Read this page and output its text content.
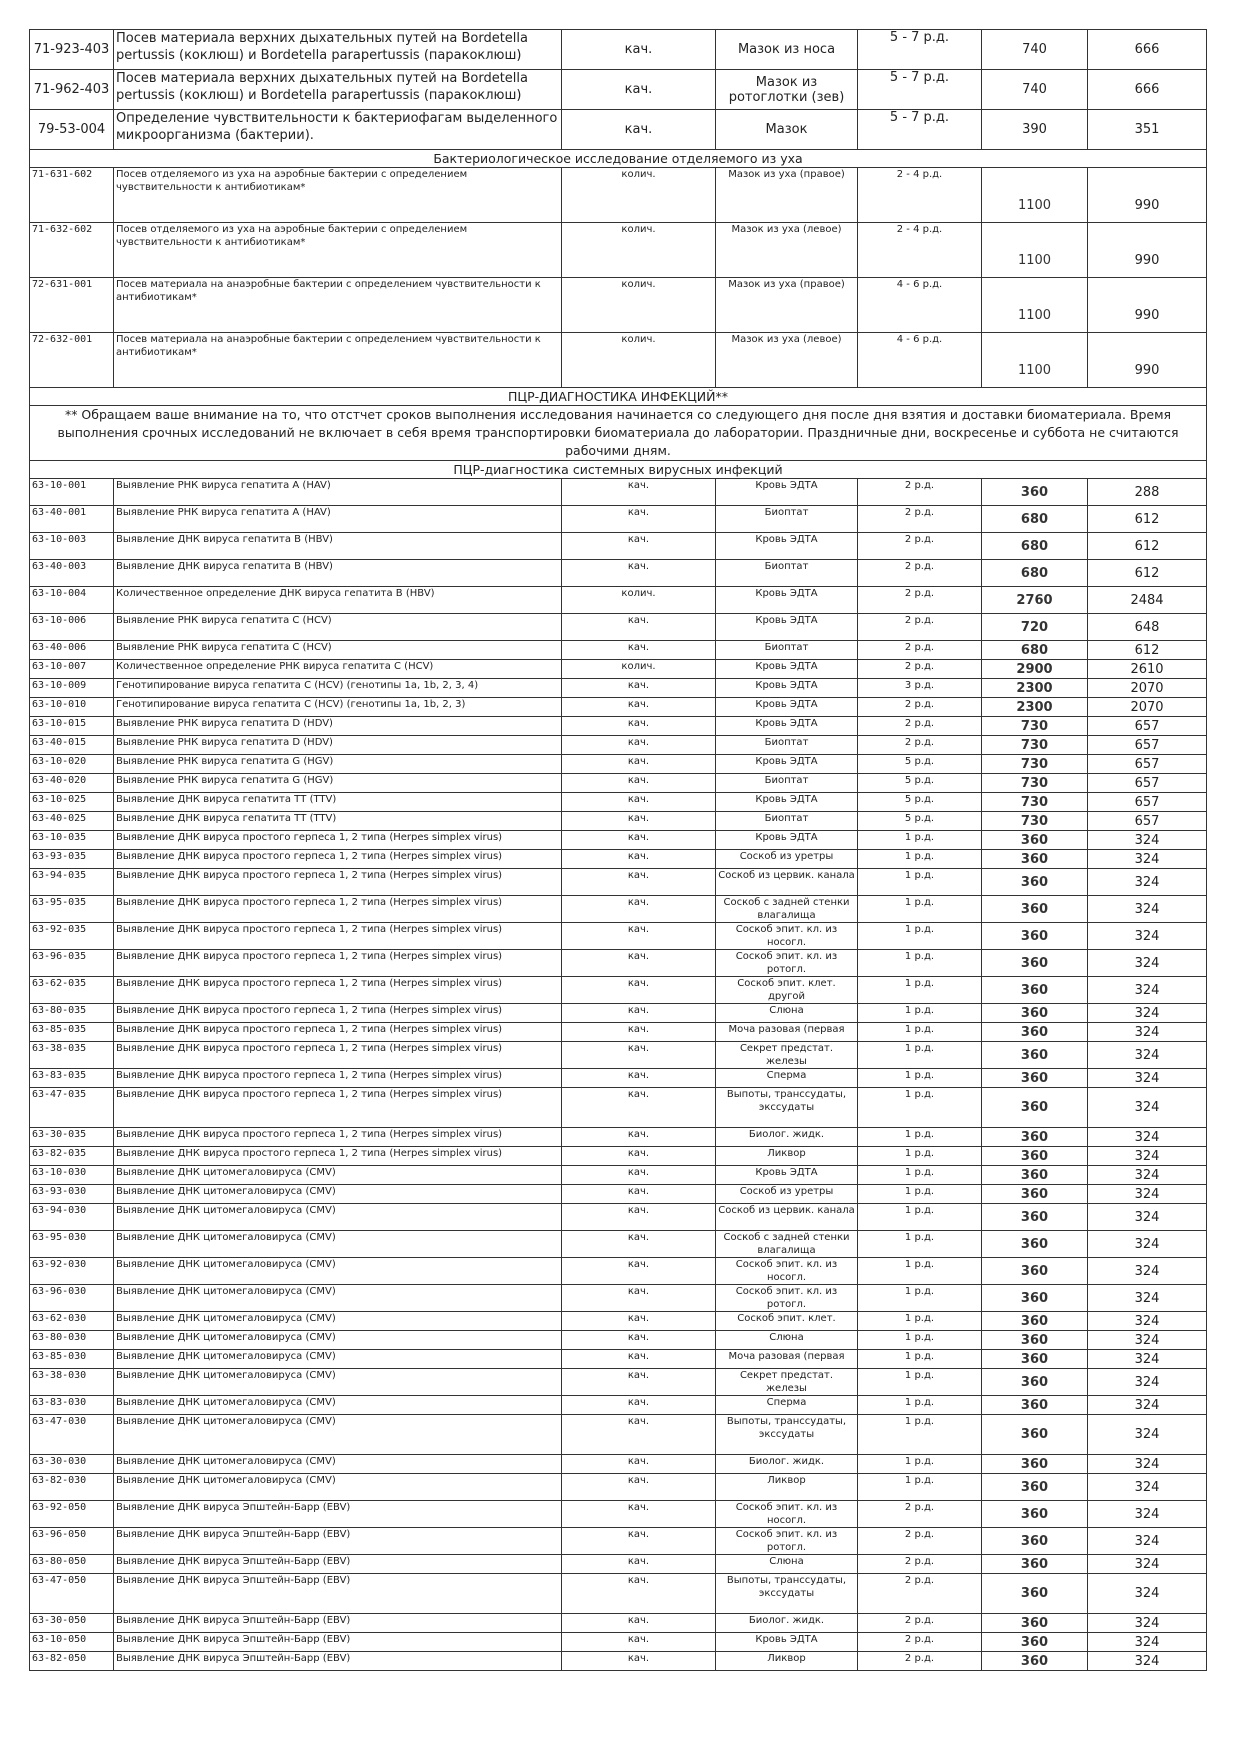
71-923-403	Посев материала верхних дыхательных путей на Bordetella pertussis (коклюш) и Bordetella parapertussis (паракоклюш)	кач.	Мазок из носа	5 - 7 р.д.	740	666
71-962-403	Посев материала верхних дыхательных путей на Bordetella pertussis (коклюш) и Bordetella parapertussis (паракоклюш)	кач.	Мазок из ротоглотки (зев)	5 - 7 р.д.	740	666
79-53-004	Определение чувствительности к бактериофагам выделенного микроорганизма (бактерии).	кач.	Мазок	5 - 7 р.д.	390	351
Бактериологическое исследование отделяемого из уха						
71-631-602	Посев отделяемого из уха на аэробные бактерии с определением чувствительности к антибиотикам*	колич.	Мазок из уха (правое)	2 - 4 р.д.	1100	990
71-632-602	Посев отделяемого из уха на аэробные бактерии с определением чувствительности к антибиотикам*	колич.	Мазок из уха (левое)	2 - 4 р.д.	1100	990
72-631-001	Посев материала на анаэробные бактерии с определением чувствительности к антибиотикам*	колич.	Мазок из уха (правое)	4 - 6 р.д.	1100	990
72-632-001	Посев материала на анаэробные бактерии с определением чувствительности к антибиотикам*	колич.	Мазок из уха (левое)	4 - 6 р.д.	1100	990
ПЦР-ДИАГНОСТИКА ИНФЕКЦИЙ**						
** Обращаем ваше внимание на то, что отстчет сроков выполнения исследования начинается со следующего дня после дня взятия и доставки биоматериала. Время выполнения срочных исследований не включает в себя время транспортировки биоматериала до лаборатории. Праздничные дни, воскресенье и суббота не считаются рабочими дням.						
ПЦР-диагностика системных вирусных инфекций						
63-10-001	Выявление РНК вируса гепатита А (HAV)	кач.	Кровь ЭДТА	2 р.д.	360	288
63-40-001	Выявление РНК вируса гепатита А (HAV)	кач.	Биоптат	2 р.д.	680	612
63-10-003	Выявление ДНК вируса гепатита В (HBV)	кач.	Кровь ЭДТА	2 р.д.	680	612
63-40-003	Выявление ДНК вируса гепатита В (HBV)	кач.	Биоптат	2 р.д.	680	612
63-10-004	Количественное определение ДНК вируса гепатита В (HBV)	колич.	Кровь ЭДТА	2 р.д.	2760	2484
63-10-006	Выявление РНК вируса гепатита С (HCV)	кач.	Кровь ЭДТА	2 р.д.	720	648
63-40-006	Выявление РНК вируса гепатита С (HCV)	кач.	Биоптат	2 р.д.	680	612
63-10-007	Количественное определение РНК вируса гепатита С (HCV)	колич.	Кровь ЭДТА	2 р.д.	2900	2610
63-10-009	Генотипирование вируса гепатита С (HCV) (генотипы 1a, 1b, 2, 3, 4)	кач.	Кровь ЭДТА	3 р.д.	2300	2070
63-10-010	Генотипирование вируса гепатита С (HCV) (генотипы 1a, 1b, 2, 3)	кач.	Кровь ЭДТА	2 р.д.	2300	2070
63-10-015	Выявление РНК вируса гепатита D (HDV)	кач.	Кровь ЭДТА	2 р.д.	730	657
63-40-015	Выявление РНК вируса гепатита D (HDV)	кач.	Биоптат	2 р.д.	730	657
63-10-020	Выявление РНК вируса гепатита G (HGV)	кач.	Кровь ЭДТА	5 р.д.	730	657
63-40-020	Выявление РНК вируса гепатита G (HGV)	кач.	Биоптат	5 р.д.	730	657
63-10-025	Выявление ДНК вируса гепатита ТТ (TTV)	кач.	Кровь ЭДТА	5 р.д.	730	657
63-40-025	Выявление ДНК вируса гепатита ТТ (TTV)	кач.	Биоптат	5 р.д.	730	657
63-10-035	Выявление ДНК вируса простого герпеса 1, 2 типа (Herpes simplex virus)	кач.	Кровь ЭДТА	1 р.д.	360	324
63-93-035	Выявление ДНК вируса простого герпеса 1, 2 типа (Herpes simplex virus)	кач.	Соскоб из уретры	1 р.д.	360	324
63-94-035	Выявление ДНК вируса простого герпеса 1, 2 типа (Herpes simplex virus)	кач.	Соскоб из цервик. канала	1 р.д.	360	324
63-95-035	Выявление ДНК вируса простого герпеса 1, 2 типа (Herpes simplex virus)	кач.	Соскоб с задней стенки влагалища	1 р.д.	360	324
63-92-035	Выявление ДНК вируса простого герпеса 1, 2 типа (Herpes simplex virus)	кач.	Соскоб эпит. кл. из носогл.	1 р.д.	360	324
63-96-035	Выявление ДНК вируса простого герпеса 1, 2 типа (Herpes simplex virus)	кач.	Соскоб эпит. кл. из ротогл.	1 р.д.	360	324
63-62-035	Выявление ДНК вируса простого герпеса 1, 2 типа (Herpes simplex virus)	кач.	Соскоб эпит. клет. другой	1 р.д.	360	324
63-80-035	Выявление ДНК вируса простого герпеса 1, 2 типа (Herpes simplex virus)	кач.	Слюна	1 р.д.	360	324
63-85-035	Выявление ДНК вируса простого герпеса 1, 2 типа (Herpes simplex virus)	кач.	Моча разовая (первая	1 р.д.	360	324
63-38-035	Выявление ДНК вируса простого герпеса 1, 2 типа (Herpes simplex virus)	кач.	Секрет предстат. железы	1 р.д.	360	324
63-83-035	Выявление ДНК вируса простого герпеса 1, 2 типа (Herpes simplex virus)	кач.	Сперма	1 р.д.	360	324
63-47-035	Выявление ДНК вируса простого герпеса 1, 2 типа (Herpes simplex virus)	кач.	Выпоты, транссудаты, экссудаты	1 р.д.	360	324
63-30-035	Выявление ДНК вируса простого герпеса 1, 2 типа (Herpes simplex virus)	кач.	Биолог. жидк.	1 р.д.	360	324
63-82-035	Выявление ДНК вируса простого герпеса 1, 2 типа (Herpes simplex virus)	кач.	Ликвор	1 р.д.	360	324
63-10-030	Выявление ДНК цитомегаловируса (CMV)	кач.	Кровь ЭДТА	1 р.д.	360	324
63-93-030	Выявление ДНК цитомегаловируса (CMV)	кач.	Соскоб из уретры	1 р.д.	360	324
63-94-030	Выявление ДНК цитомегаловируса (CMV)	кач.	Соскоб из цервик. канала	1 р.д.	360	324
63-95-030	Выявление ДНК цитомегаловируса (CMV)	кач.	Соскоб с задней стенки влагалища	1 р.д.	360	324
63-92-030	Выявление ДНК цитомегаловируса (CMV)	кач.	Соскоб эпит. кл. из носогл.	1 р.д.	360	324
63-96-030	Выявление ДНК цитомегаловируса (CMV)	кач.	Соскоб эпит. кл. из ротогл.	1 р.д.	360	324
63-62-030	Выявление ДНК цитомегаловируса (CMV)	кач.	Соскоб эпит. клет.	1 р.д.	360	324
63-80-030	Выявление ДНК цитомегаловируса (CMV)	кач.	Слюна	1 р.д.	360	324
63-85-030	Выявление ДНК цитомегаловируса (CMV)	кач.	Моча разовая (первая	1 р.д.	360	324
63-38-030	Выявление ДНК цитомегаловируса (CMV)	кач.	Секрет предстат. железы	1 р.д.	360	324
63-83-030	Выявление ДНК цитомегаловируса (CMV)	кач.	Сперма	1 р.д.	360	324
63-47-030	Выявление ДНК цитомегаловируса (CMV)	кач.	Выпоты, транссудаты, экссудаты	1 р.д.	360	324
63-30-030	Выявление ДНК цитомегаловируса (CMV)	кач.	Биолог. жидк.	1 р.д.	360	324
63-82-030	Выявление ДНК цитомегаловируса (CMV)	кач.	Ликвор	1 р.д.	360	324
63-92-050	Выявление ДНК вируса Эпштейн-Барр (EBV)	кач.	Соскоб эпит. кл. из носогл.	2 р.д.	360	324
63-96-050	Выявление ДНК вируса Эпштейн-Барр (EBV)	кач.	Соскоб эпит. кл. из ротогл.	2 р.д.	360	324
63-80-050	Выявление ДНК вируса Эпштейн-Барр (EBV)	кач.	Слюна	2 р.д.	360	324
63-47-050	Выявление ДНК вируса Эпштейн-Барр (EBV)	кач.	Выпоты, транссудаты, экссудаты	2 р.д.	360	324
63-30-050	Выявление ДНК вируса Эпштейн-Барр (EBV)	кач.	Биолог. жидк.	2 р.д.	360	324
63-10-050	Выявление ДНК вируса Эпштейн-Барр (EBV)	кач.	Кровь ЭДТА	2 р.д.	360	324
63-82-050	Выявление ДНК вируса Эпштейн-Барр (EBV)	кач.	Ликвор	2 р.д.	360	324
